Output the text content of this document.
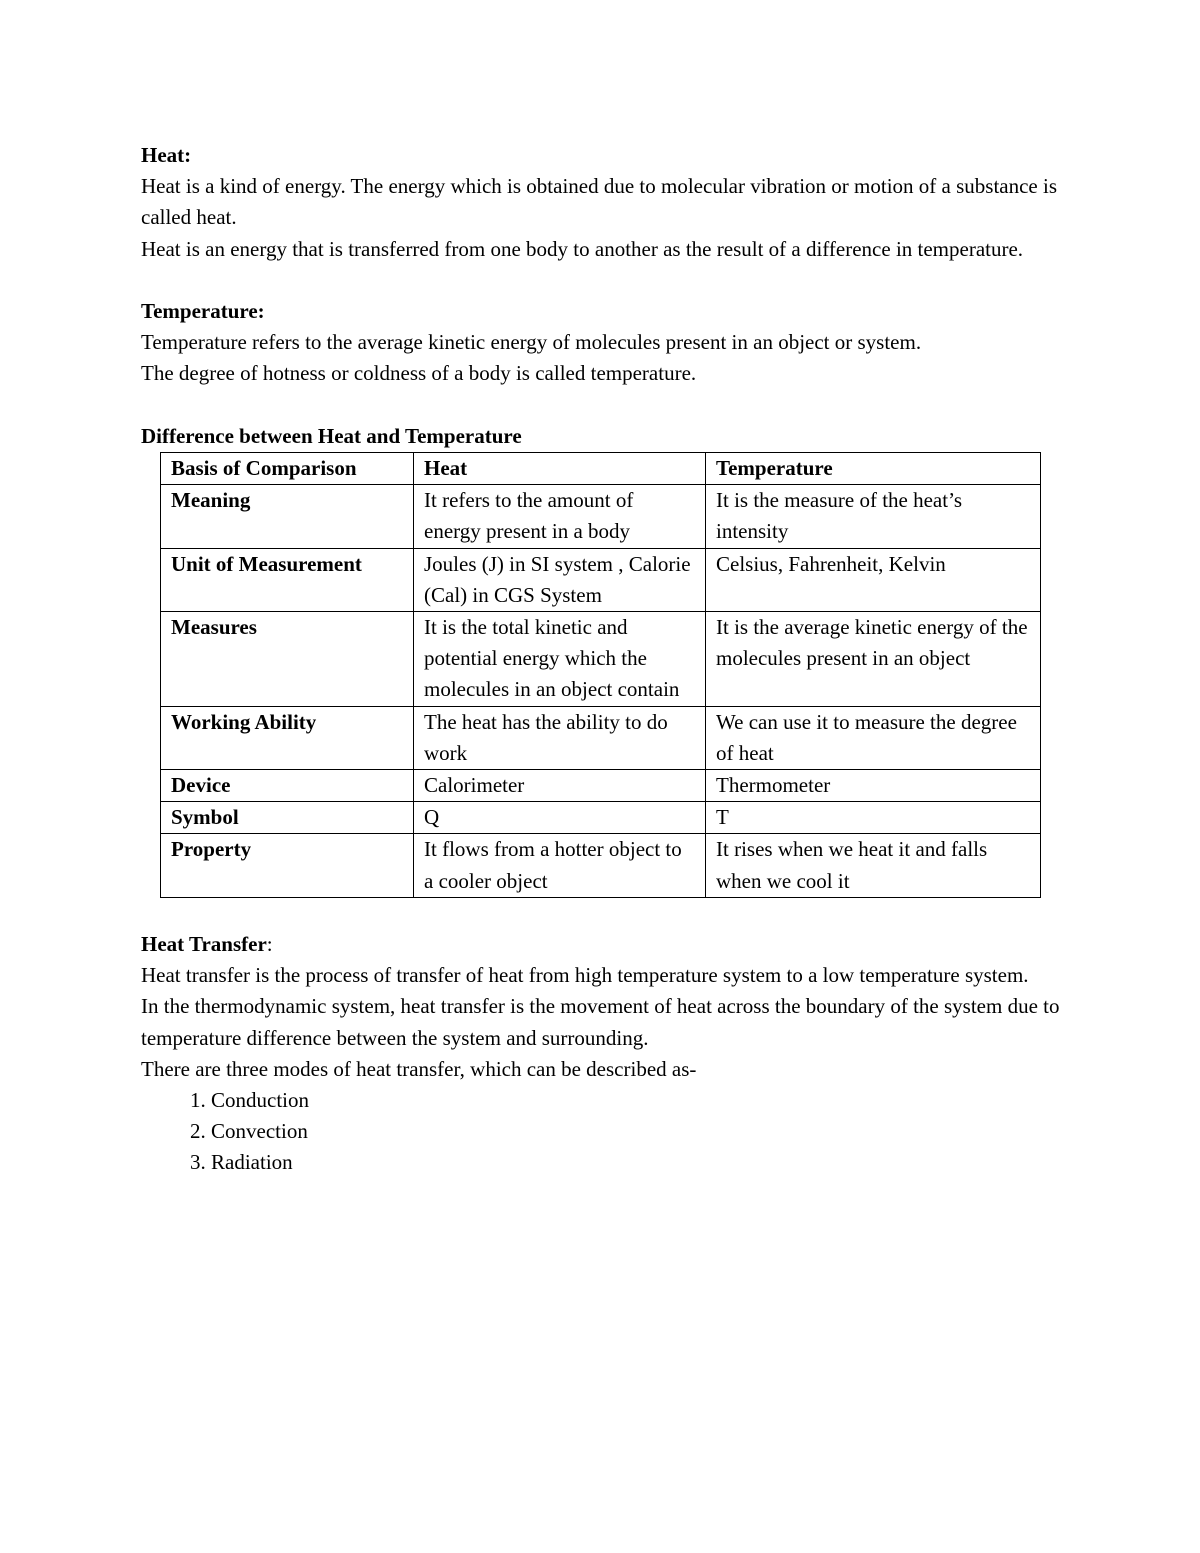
Heat:

Heat is a kind of energy. The energy which is obtained due to molecular vibration or motion of a substance is called heat.

Heat is an energy that is transferred from one body to another as the result of a difference in temperature.

Temperature:

Temperature refers to the average kinetic energy of molecules present in an object or system.

The degree of hotness or coldness of a body is called temperature.

Difference between Heat and Temperature

Basis of Comparison	Heat	Temperature
Meaning	It refers to the amount of energy present in a body	It is the measure of the heat’s intensity
Unit of Measurement	Joules (J) in SI system , Calorie (Cal) in CGS System	Celsius, Fahrenheit, Kelvin
Measures	It is the total kinetic and potential energy which the molecules in an object contain	It is the average kinetic energy of the molecules present in an object
Working Ability	The heat has the ability to do work	We can use it to measure the degree of heat
Device	Calorimeter	Thermometer
Symbol	Q	T
Property	It flows from a hotter object to a cooler object	It rises when we heat it and falls when we cool it

Heat Transfer:

Heat transfer is the process of transfer of heat from high temperature system to a low temperature system.

In the thermodynamic system, heat transfer is the movement of heat across the boundary of the system due to temperature difference between the system and surrounding.

There are three modes of heat transfer, which can be described as-

1. Conduction
2. Convection
3. Radiation
